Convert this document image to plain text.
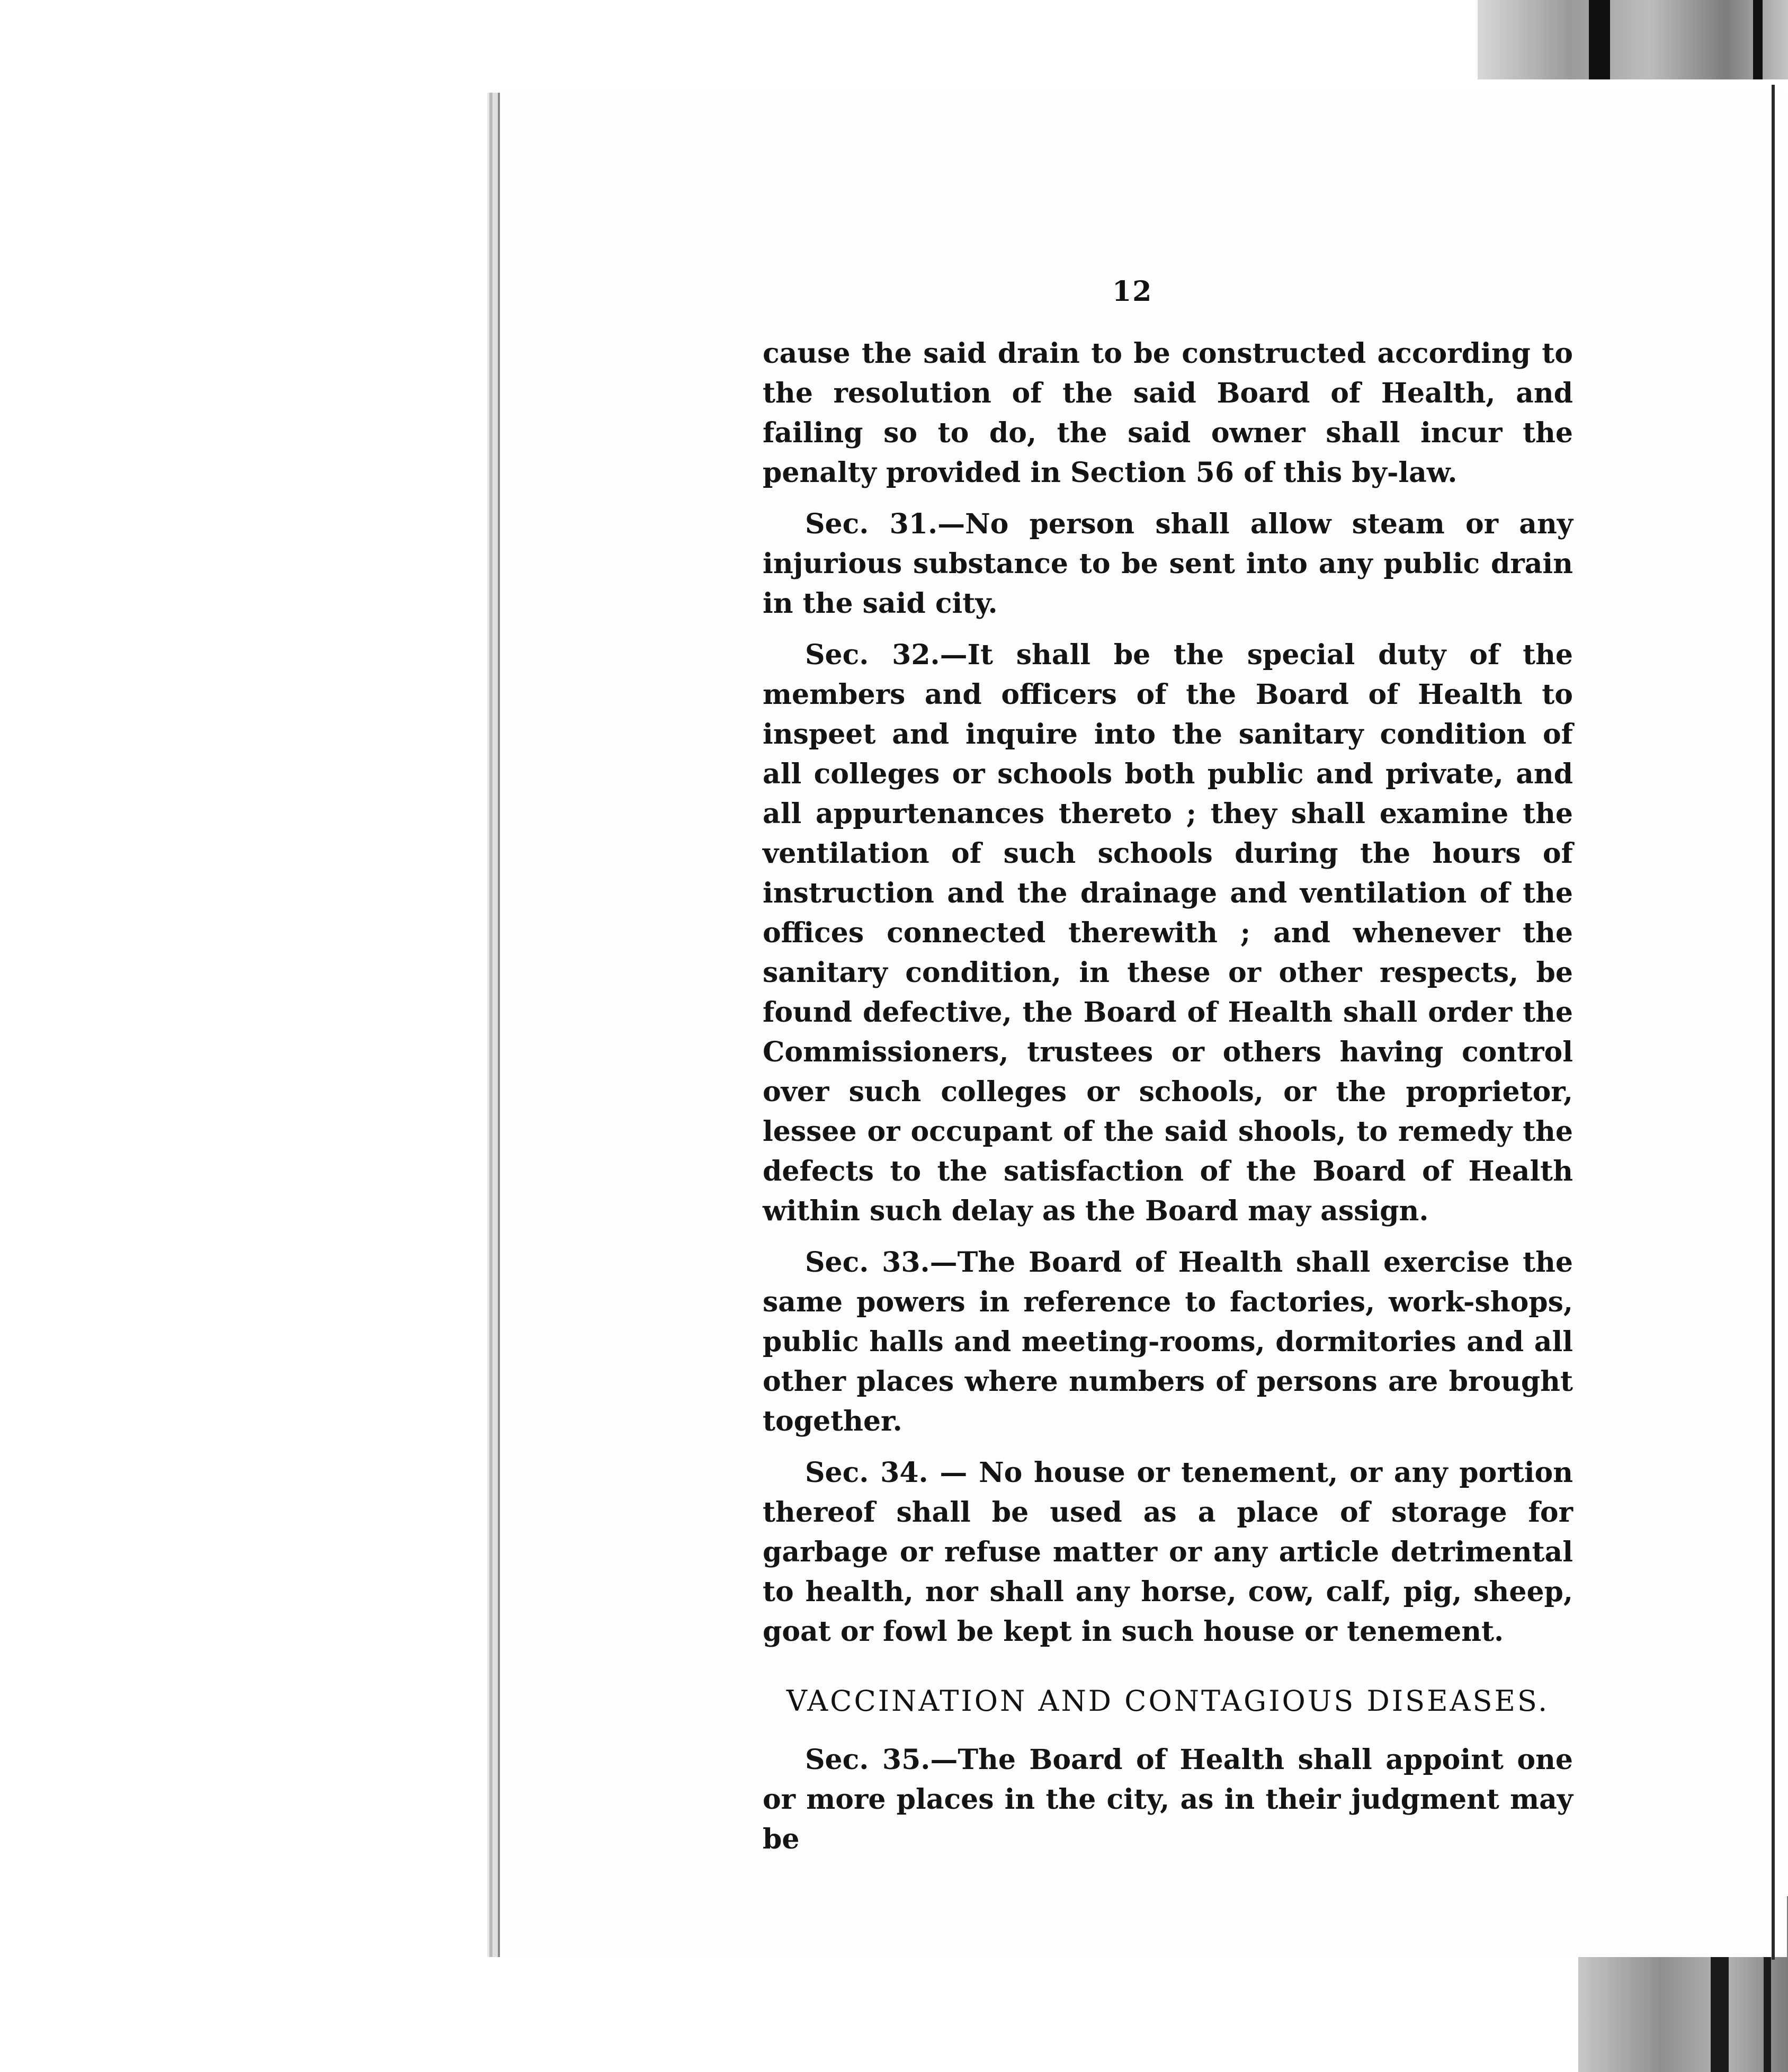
12

cause the said drain to be constructed according to the resolution of the said Board of Health, and failing so to do, the said owner shall incur the penalty provided in Section 56 of this by-law.

Sec. 31.—No person shall allow steam or any injurious substance to be sent into any public drain in the said city.

Sec. 32.—It shall be the special duty of the members and officers of the Board of Health to inspeet and inquire into the sanitary condition of all colleges or schools both public and private, and all appurtenances thereto ; they shall examine the ventilation of such schools during the hours of instruction and the drainage and ventilation of the offices connected therewith ; and whenever the sanitary condition, in these or other respects, be found defective, the Board of Health shall order the Commissioners, trustees or others having control over such colleges or schools, or the proprietor, lessee or occupant of the said shools, to remedy the defects to the satisfaction of the Board of Health within such delay as the Board may assign.

Sec. 33.—The Board of Health shall exercise the same powers in reference to factories, work-shops, public halls and meeting-rooms, dormitories and all other places where numbers of persons are brought together.

Sec. 34. — No house or tenement, or any portion thereof shall be used as a place of storage for garbage or refuse matter or any article detrimental to health, nor shall any horse, cow, calf, pig, sheep, goat or fowl be kept in such house or tenement.

VACCINATION AND CONTAGIOUS DISEASES.

Sec. 35.—The Board of Health shall appoint one or more places in the city, as in their judgment may be
